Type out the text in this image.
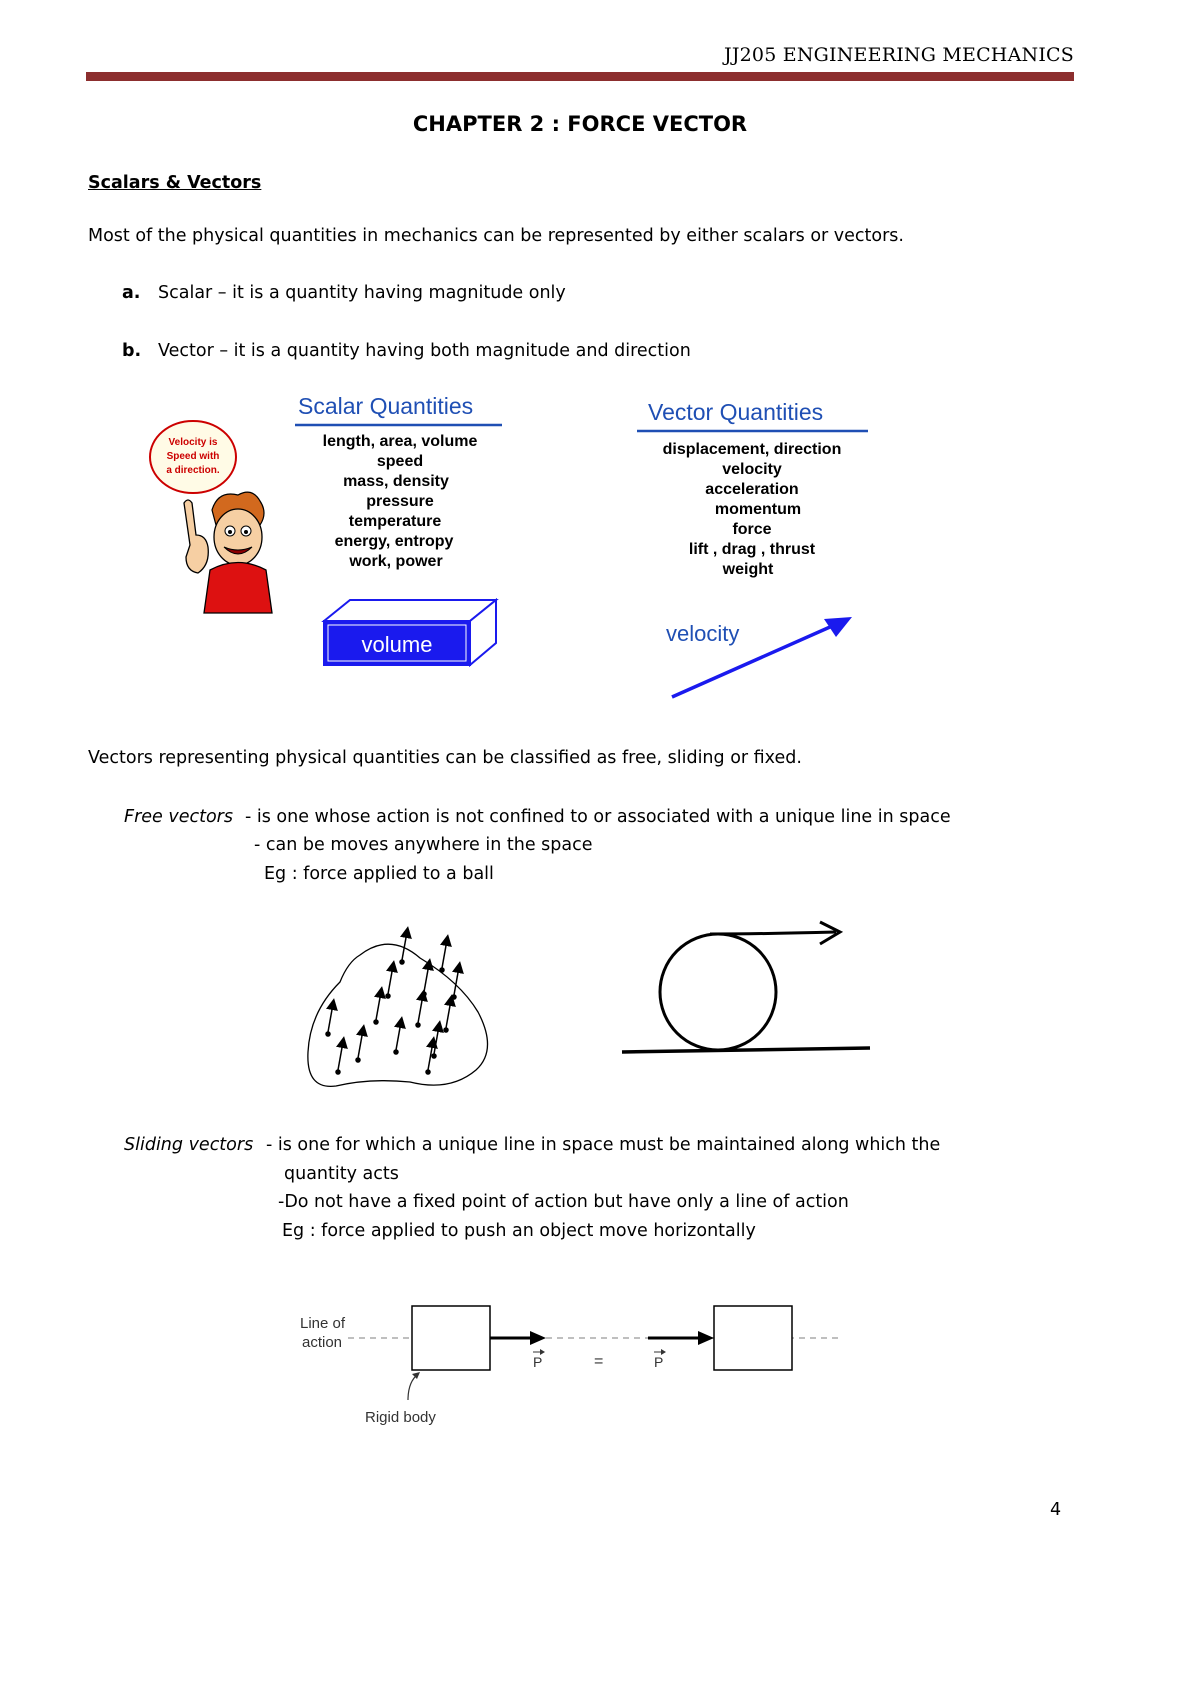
JJ205 ENGINEERING MECHANICS
CHAPTER 2 : FORCE VECTOR
Scalars & Vectors
Most of the physical quantities in mechanics can be represented by either scalars or vectors.
a. Scalar – it is a quantity having magnitude only
b. Vector – it is a quantity having both magnitude and direction
Velocity is
Speed with
a direction.
Scalar Quantities
length, area, volume
speed
mass, density
pressure
temperature
energy, entropy
work, power
Vector Quantities
displacement, direction
velocity
acceleration
momentum
force
lift , drag , thrust
weight
volume	velocity
Vectors representing physical quantities can be classified as free, sliding or fixed.
Free vectors - is one whose action is not confined to or associated with a unique line in space
- can be moves anywhere in the space
Eg : force applied to a ball
Sliding vectors - is one for which a unique line in space must be maintained along which the
quantity acts
-Do not have a fixed point of action but have only a line of action
Eg : force applied to push an object move horizontally
Line of
action
P	=	P
Rigid body
4
